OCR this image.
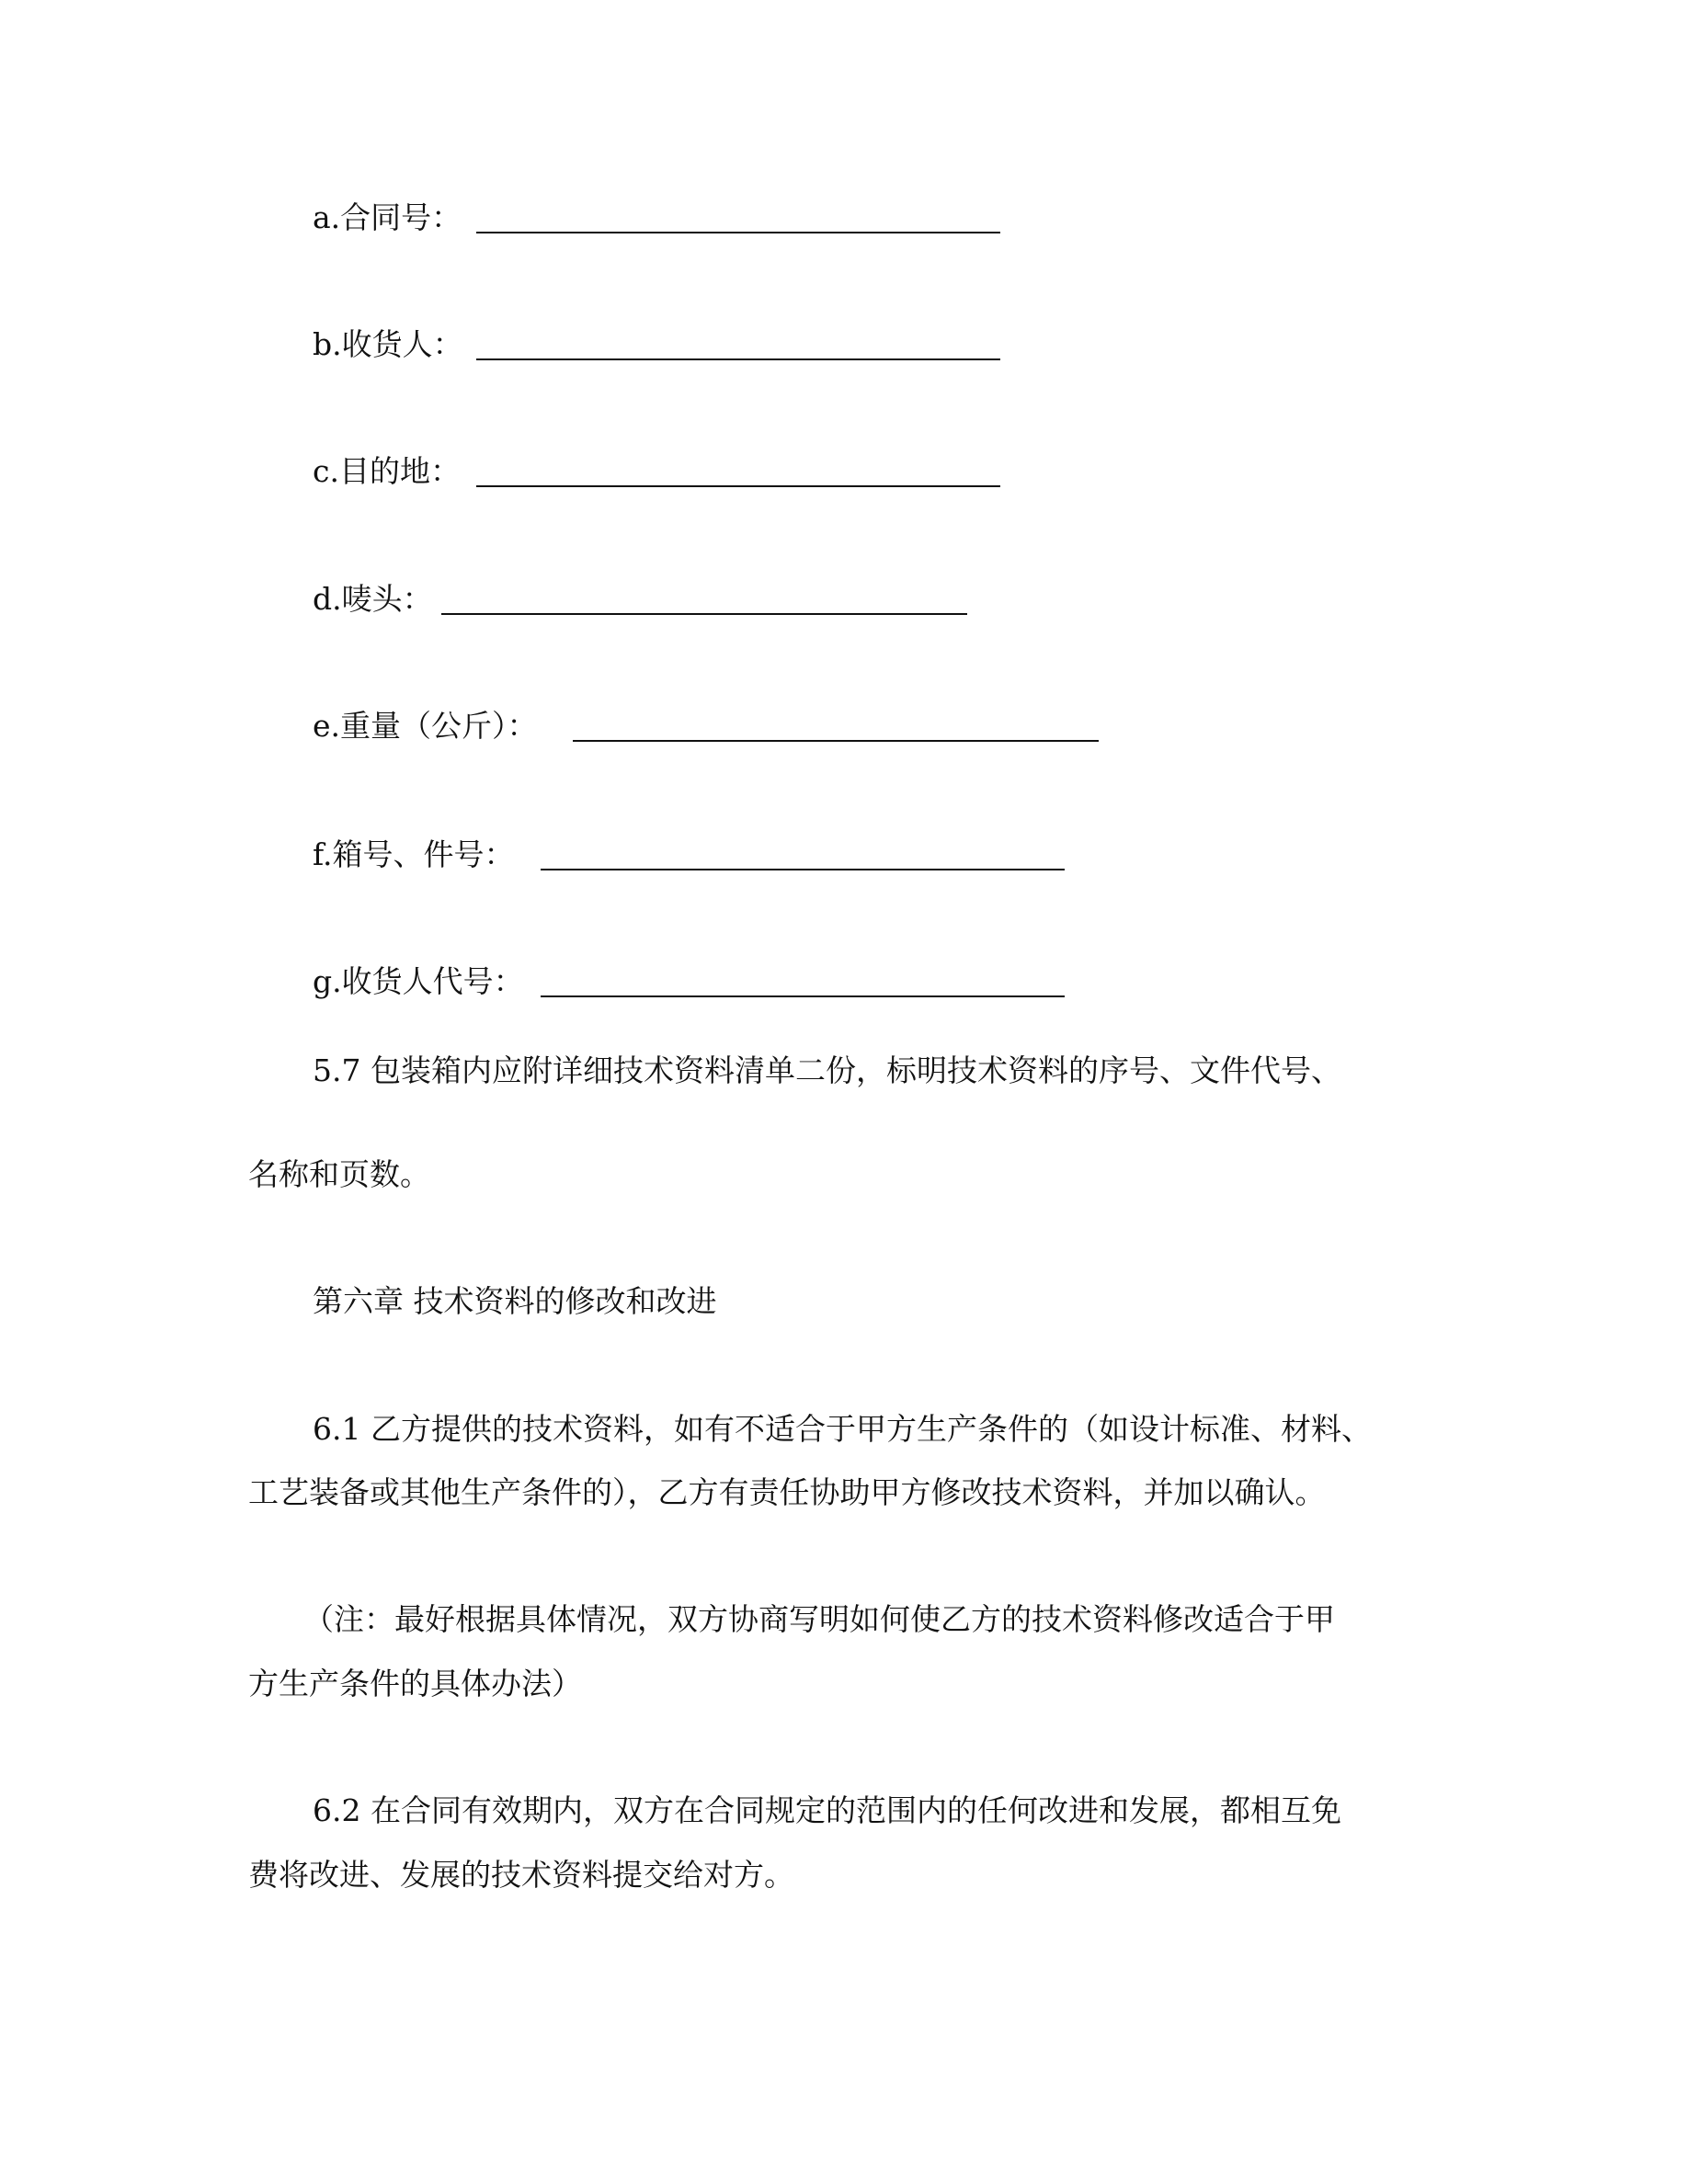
a.合同号：
b.收货人：
c.目的地：
d.唛头：
e.重量（公斤）：
f.箱号、件号：
g.收货人代号：
5.7 包装箱内应附详细技术资料清单二份，标明技术资料的序号、文件代号、
名称和页数。
第六章 技术资料的修改和改进
6.1 乙方提供的技术资料，如有不适合于甲方生产条件的（如设计标准、材料、
工艺装备或其他生产条件的），乙方有责任协助甲方修改技术资料，并加以确认。
（注：最好根据具体情况，双方协商写明如何使乙方的技术资料修改适合于甲
方生产条件的具体办法）
6.2 在合同有效期内，双方在合同规定的范围内的任何改进和发展，都相互免
费将改进、发展的技术资料提交给对方。
